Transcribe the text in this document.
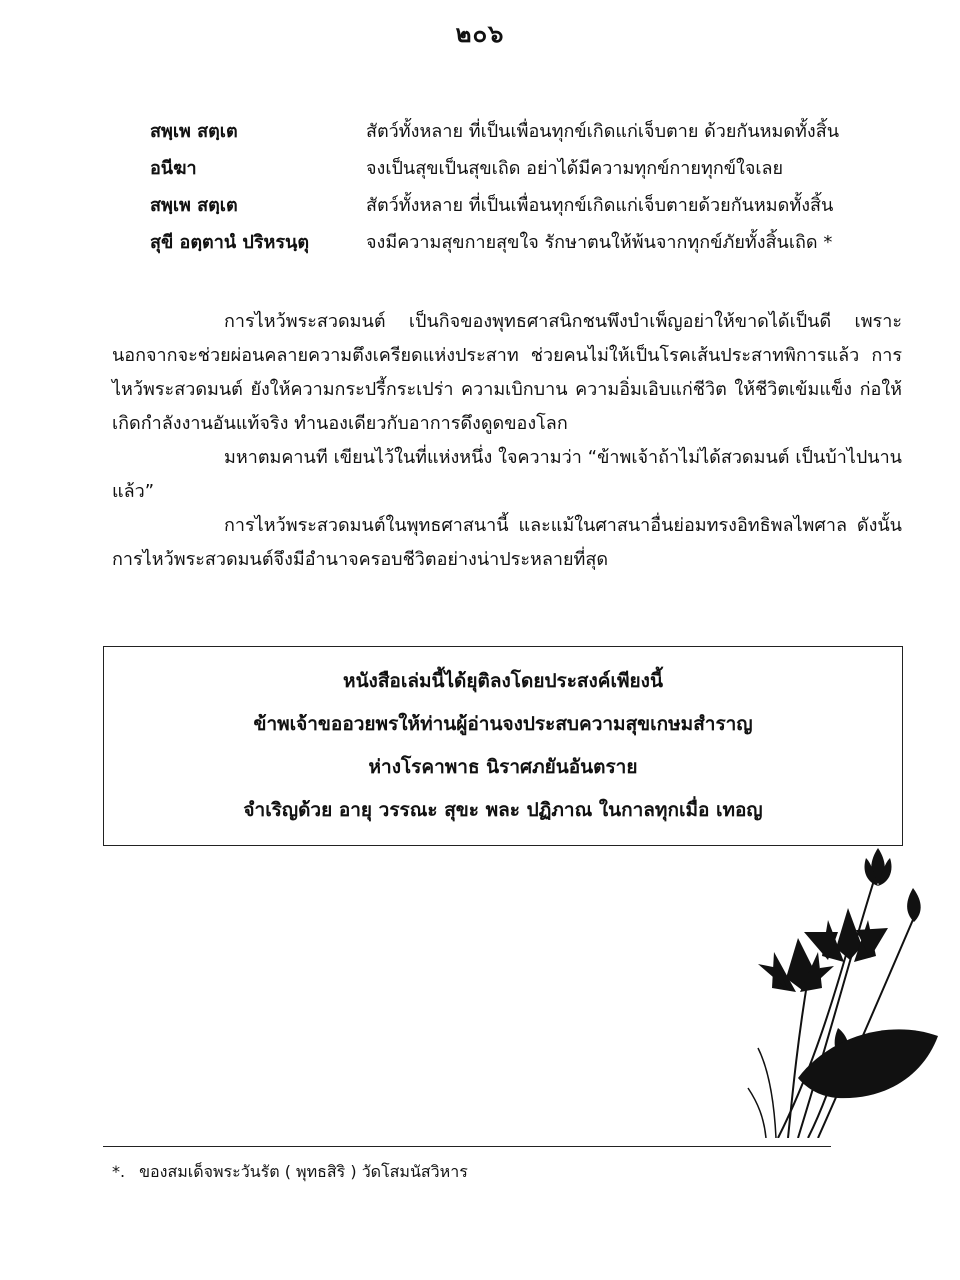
๒๐๖
สพฺเพ สตฺเต	สัตว์ทั้งหลาย ที่เป็นเพื่อนทุกข์เกิดแก่เจ็บตาย ด้วยกันหมดทั้งสิ้น
อนีฆา	จงเป็นสุขเป็นสุขเถิด อย่าได้มีความทุกข์กายทุกข์ใจเลย
สพฺเพ สตฺเต	สัตว์ทั้งหลาย ที่เป็นเพื่อนทุกข์เกิดแก่เจ็บตายด้วยกันหมดทั้งสิ้น
สุขี อตฺตานํ ปริหรนฺตุ	จงมีความสุขกายสุขใจ รักษาตนให้พ้นจากทุกข์ภัยทั้งสิ้นเถิด *

การไหว้พระสวดมนต์ เป็นกิจของพุทธศาสนิกชนพึงบำเพ็ญอย่าให้ขาดได้เป็นดี เพราะนอกจากจะช่วยผ่อนคลายความตึงเครียดแห่งประสาท ช่วยคนไม่ให้เป็นโรคเส้นประสาทพิการแล้ว การไหว้พระสวดมนต์ ยังให้ความกระปรี้กระเปร่า ความเบิกบาน ความอิ่มเอิบแก่ชีวิต ให้ชีวิตเข้มแข็ง ก่อให้เกิดกำลังงานอันแท้จริง ทำนองเดียวกับอาการดึงดูดของโลก

มหาตมคานที เขียนไว้ในที่แห่งหนึ่ง ใจความว่า “ข้าพเจ้าถ้าไม่ได้สวดมนต์ เป็นบ้าไปนานแล้ว”

การไหว้พระสวดมนต์ในพุทธศาสนานี้ และแม้ในศาสนาอื่นย่อมทรงอิทธิพลไพศาล ดังนั้น การไหว้พระสวดมนต์จึงมีอำนาจครอบชีวิตอย่างน่าประหลายที่สุด

หนังสือเล่มนี้ได้ยุติลงโดยประสงค์เพียงนี้
ข้าพเจ้าขออวยพรให้ท่านผู้อ่านจงประสบความสุขเกษมสำราญ
ห่างโรคาพาธ นิราศภยันอันตราย
จำเริญด้วย อายุ วรรณะ สุขะ พละ ปฏิภาณ ในกาลทุกเมื่อ เทอญ
*. ของสมเด็จพระวันรัต ( พุทธสิริ ) วัดโสมนัสวิหาร
